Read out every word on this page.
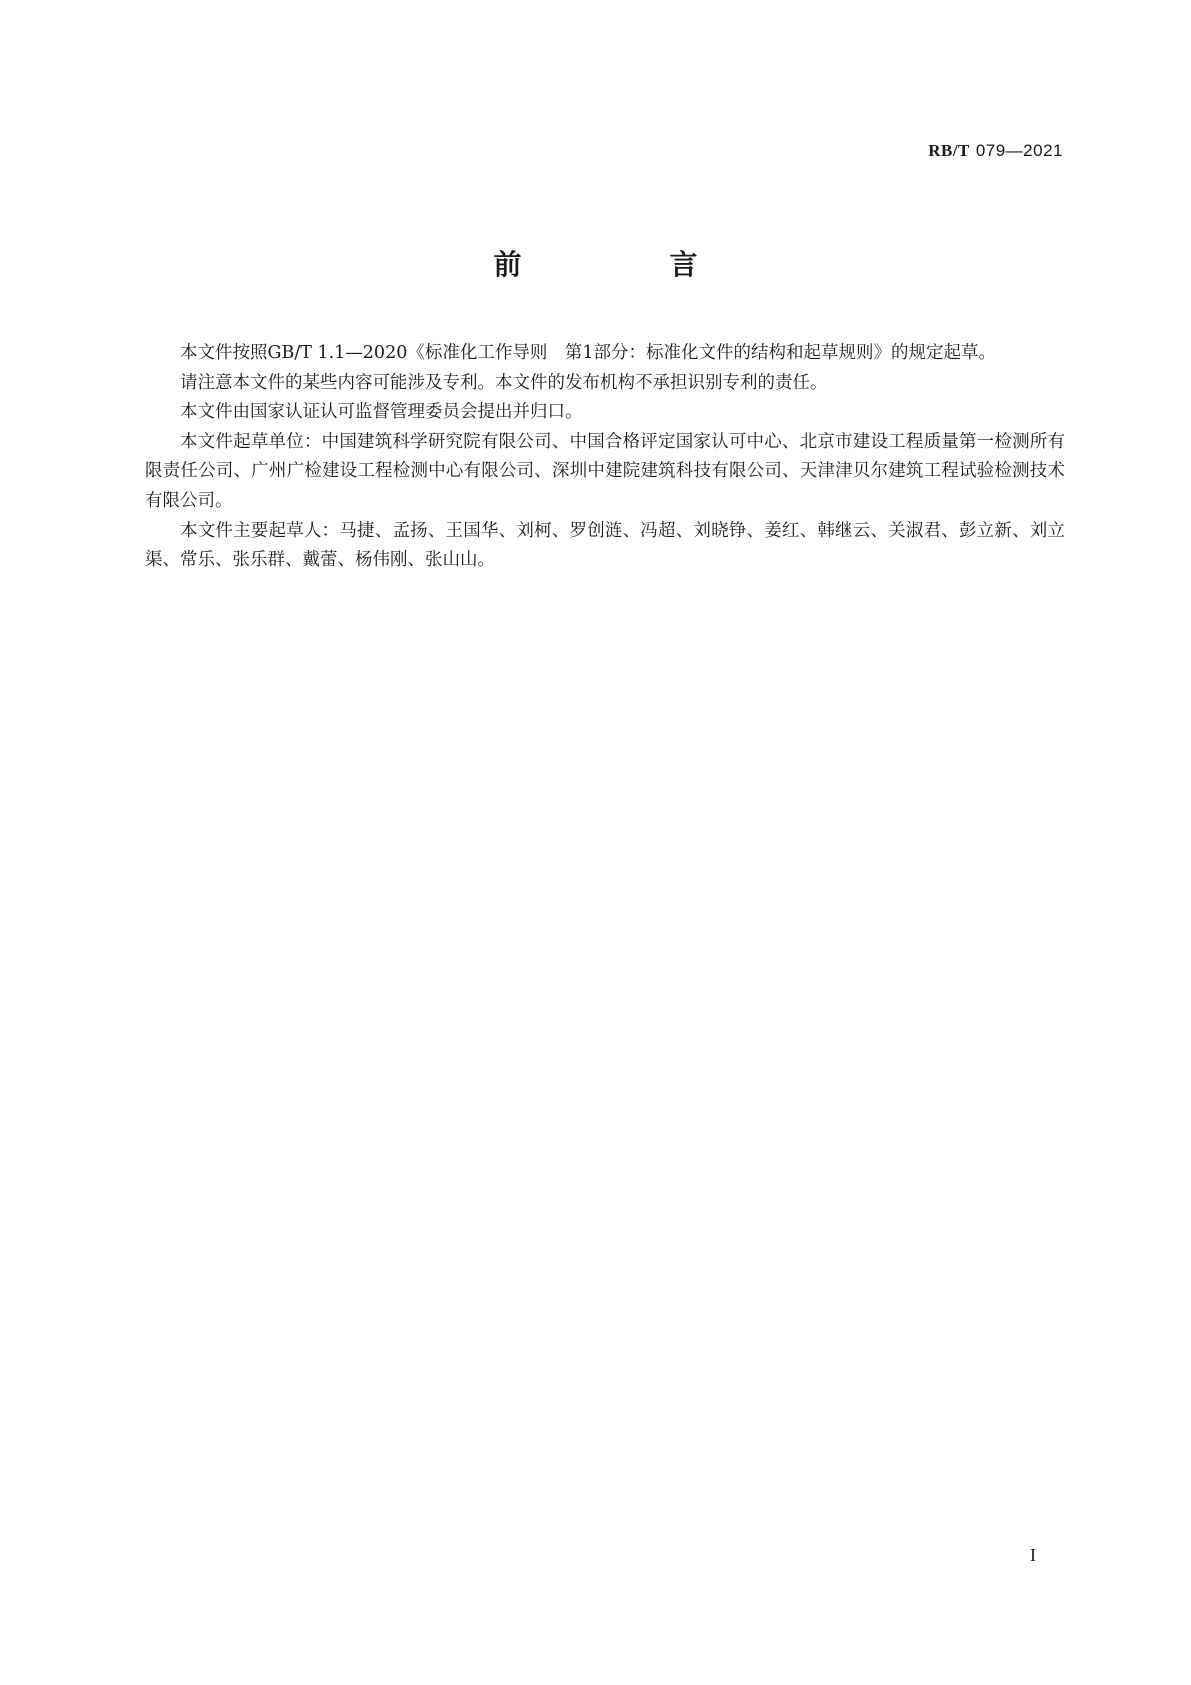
RB/T 079—2021
前　言

本文件按照GB/T 1.1—2020《标准化工作导则　第1部分：标准化文件的结构和起草规则》的规定起草。

请注意本文件的某些内容可能涉及专利。本文件的发布机构不承担识别专利的责任。

本文件由国家认证认可监督管理委员会提出并归口。

本文件起草单位：中国建筑科学研究院有限公司、中国合格评定国家认可中心、北京市建设工程质量第一检测所有限责任公司、广州广检建设工程检测中心有限公司、深圳中建院建筑科技有限公司、天津津贝尔建筑工程试验检测技术有限公司。

本文件主要起草人：马捷、孟扬、王国华、刘柯、罗创涟、冯超、刘晓铮、姜红、韩继云、关淑君、彭立新、刘立渠、常乐、张乐群、戴蕾、杨伟刚、张山山。

I
